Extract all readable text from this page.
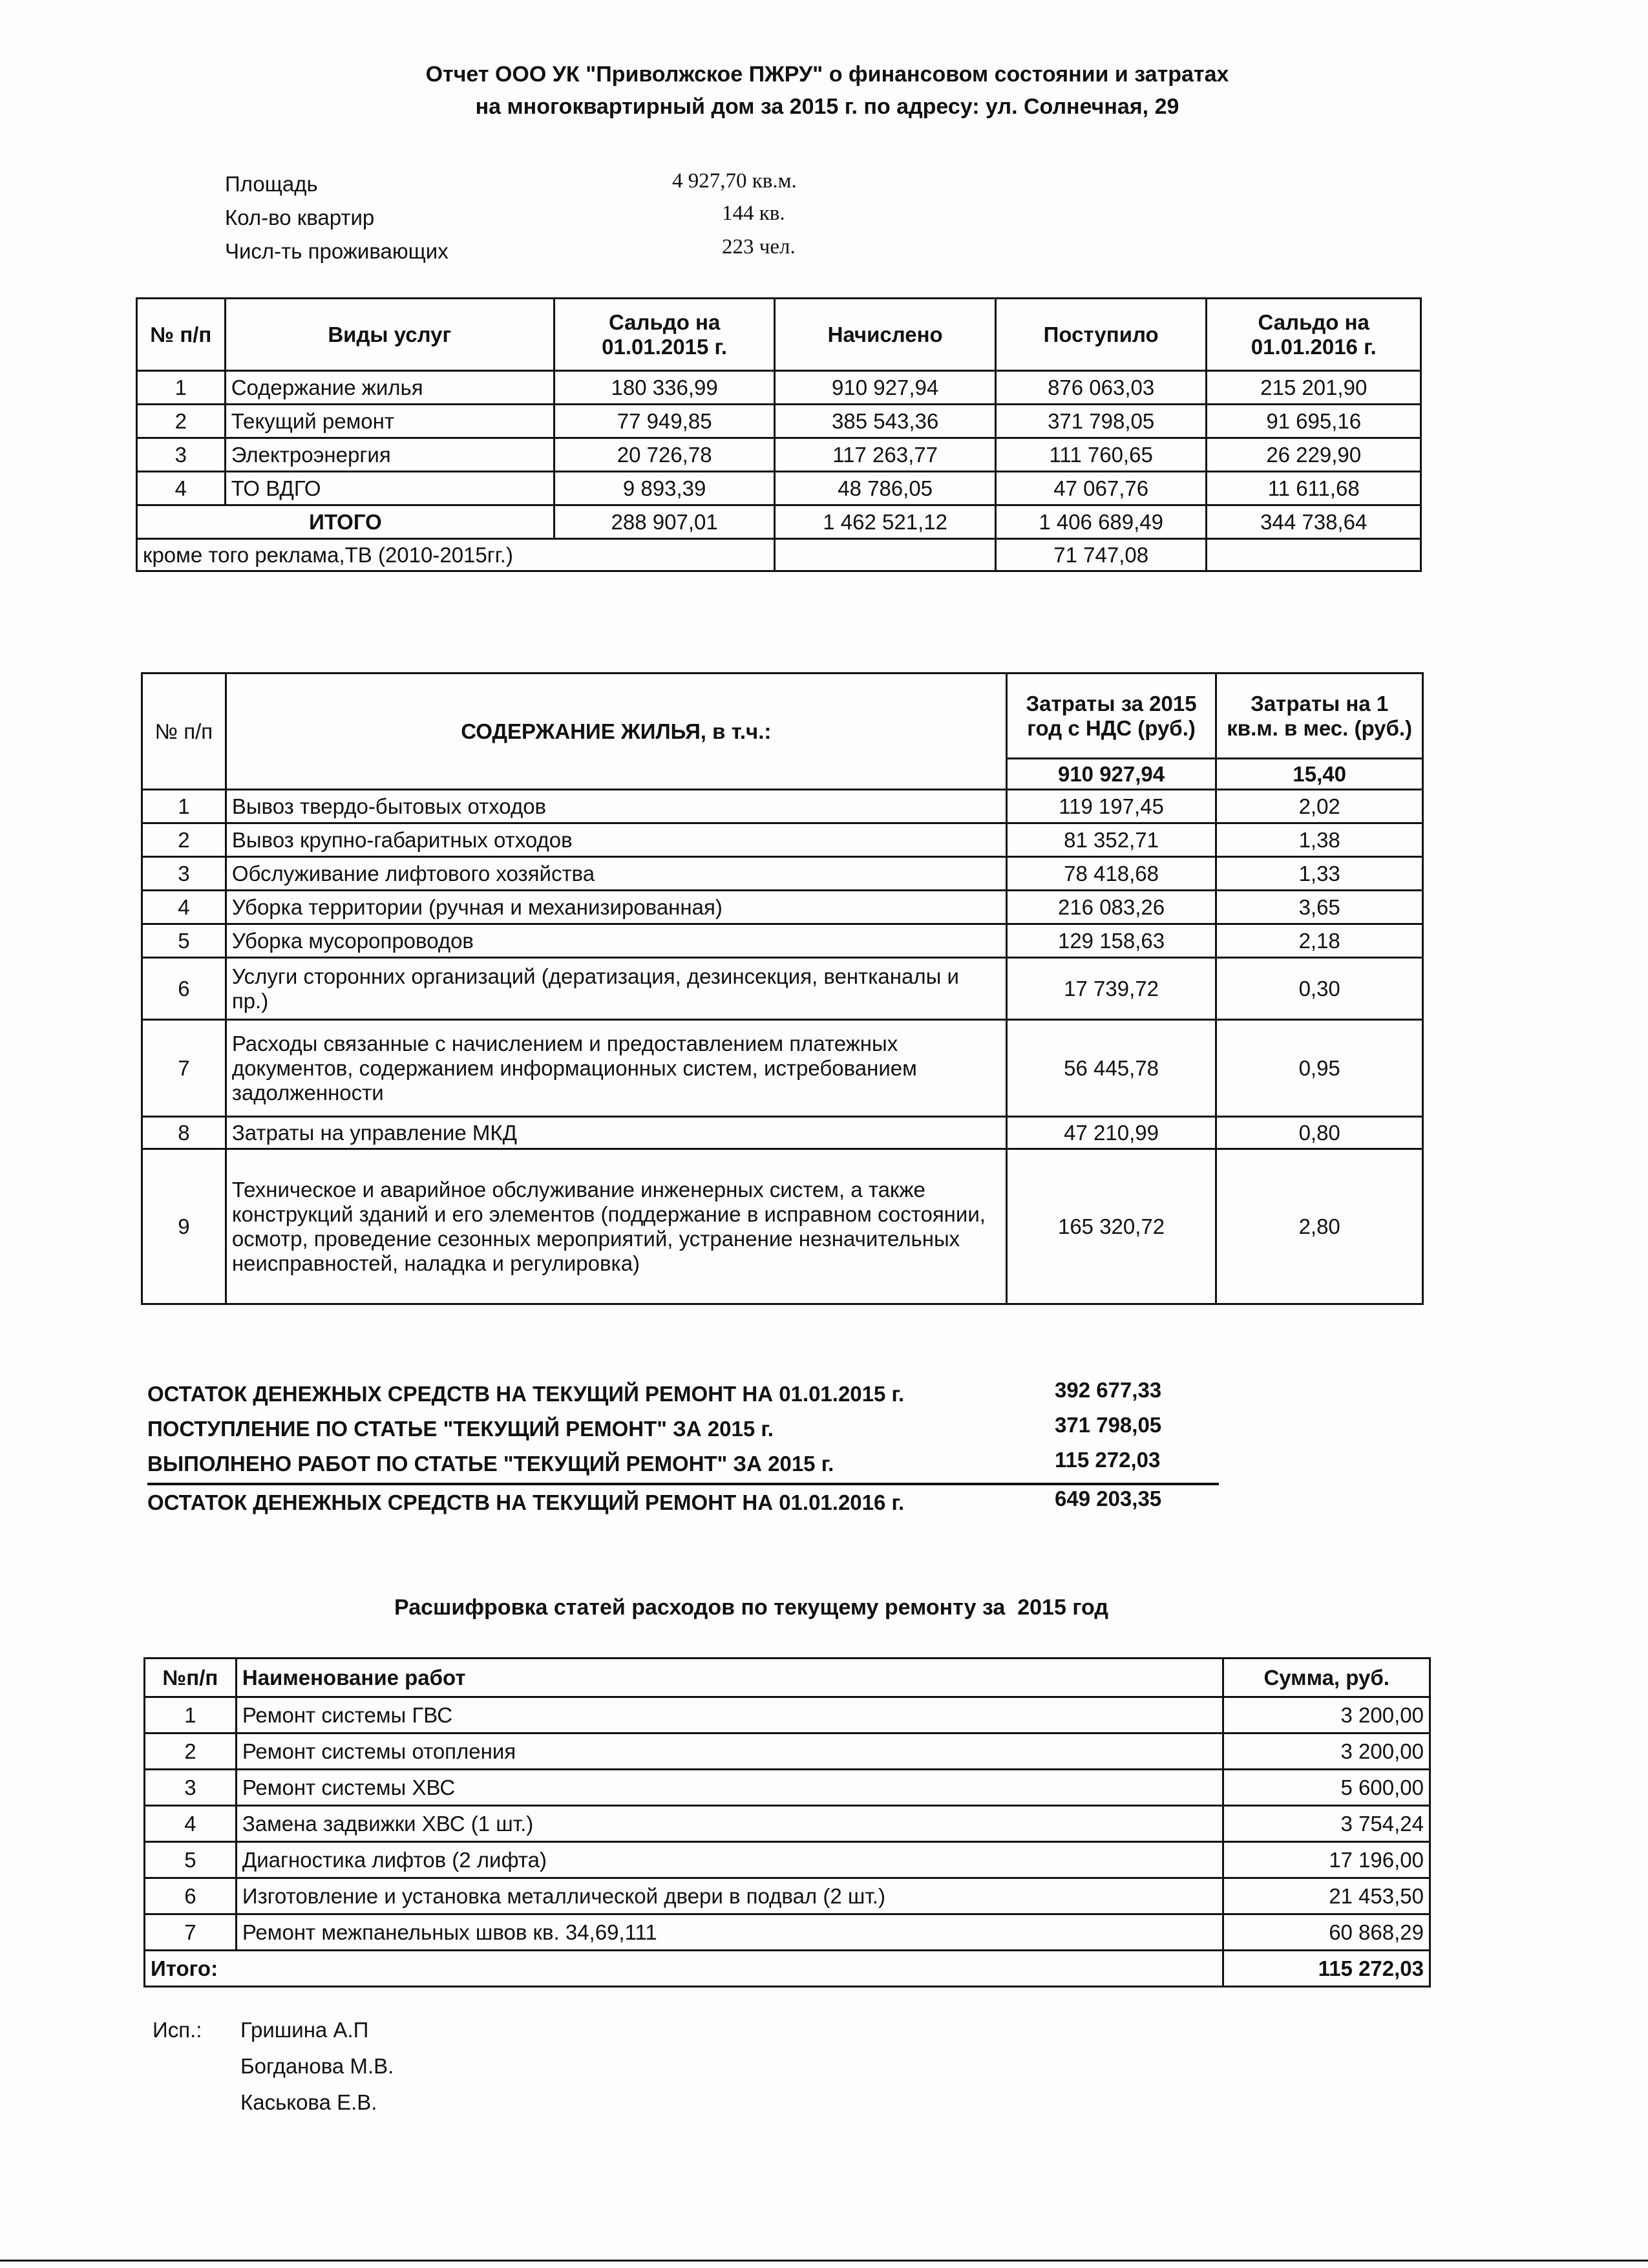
Отчет ООО УК "Приволжское ПЖРУ" о финансовом состоянии и затратах
на многоквартирный дом за 2015 г. по адресу: ул. Солнечная, 29
Площадь	4 927,70 кв.м.
Кол-во квартир	144 кв.
Числ-ть проживающих	223 чел.
№ п/п	Виды услуг	Сальдо на 01.01.2015 г.	Начислено	Поступило	Сальдо на 01.01.2016 г.
1	Содержание жилья	180 336,99	910 927,94	876 063,03	215 201,90
2	Текущий ремонт	77 949,85	385 543,36	371 798,05	91 695,16
3	Электроэнергия	20 726,78	117 263,77	111 760,65	26 229,90
4	ТО ВДГО	9 893,39	48 786,05	47 067,76	11 611,68
ИТОГО		288 907,01	1 462 521,12	1 406 689,49	344 738,64
кроме того реклама,ТВ (2010-2015гг.)				71 747,08	
№ п/п	СОДЕРЖАНИЕ ЖИЛЬЯ, в т.ч.:	Затраты за 2015 год с НДС (руб.)	Затраты на 1 кв.м. в мес. (руб.)
		910 927,94	15,40
1	Вывоз твердо-бытовых отходов	119 197,45	2,02
2	Вывоз крупно-габаритных отходов	81 352,71	1,38
3	Обслуживание лифтового хозяйства	78 418,68	1,33
4	Уборка территории (ручная и механизированная)	216 083,26	3,65
5	Уборка мусоропроводов	129 158,63	2,18
6	Услуги сторонних организаций (дератизация, дезинсекция, вентканалы и пр.)	17 739,72	0,30
7	Расходы связанные с начислением и предоставлением платежных документов, содержанием информационных систем, истребованием задолженности	56 445,78	0,95
8	Затраты на управление МКД	47 210,99	0,80
9	Техническое и аварийное обслуживание инженерных систем, а также конструкций зданий и его элементов (поддержание в исправном состоянии, осмотр, проведение сезонных мероприятий, устранение незначительных неисправностей, наладка и регулировка)	165 320,72	2,80
ОСТАТОК ДЕНЕЖНЫХ СРЕДСТВ НА ТЕКУЩИЙ РЕМОНТ НА 01.01.2015 г.	392 677,33
ПОСТУПЛЕНИЕ ПО СТАТЬЕ "ТЕКУЩИЙ РЕМОНТ" ЗА 2015 г.	371 798,05
ВЫПОЛНЕНО РАБОТ ПО СТАТЬЕ "ТЕКУЩИЙ РЕМОНТ" ЗА 2015 г.	115 272,03
ОСТАТОК ДЕНЕЖНЫХ СРЕДСТВ НА ТЕКУЩИЙ РЕМОНТ НА 01.01.2016 г.	649 203,35
Расшифровка статей расходов по текущему ремонту за  2015 год
№п/п	Наименование работ	Сумма, руб.
1	Ремонт системы ГВС	3 200,00
2	Ремонт системы отопления	3 200,00
3	Ремонт системы ХВС	5 600,00
4	Замена задвижки ХВС (1 шт.)	3 754,24
5	Диагностика лифтов (2 лифта)	17 196,00
6	Изготовление и установка металлической двери в подвал (2 шт.)	21 453,50
7	Ремонт межпанельных швов кв. 34,69,111	60 868,29
Итого:		115 272,03
Исп.: Гришина А.П
Богданова М.В.
Каськова Е.В.
